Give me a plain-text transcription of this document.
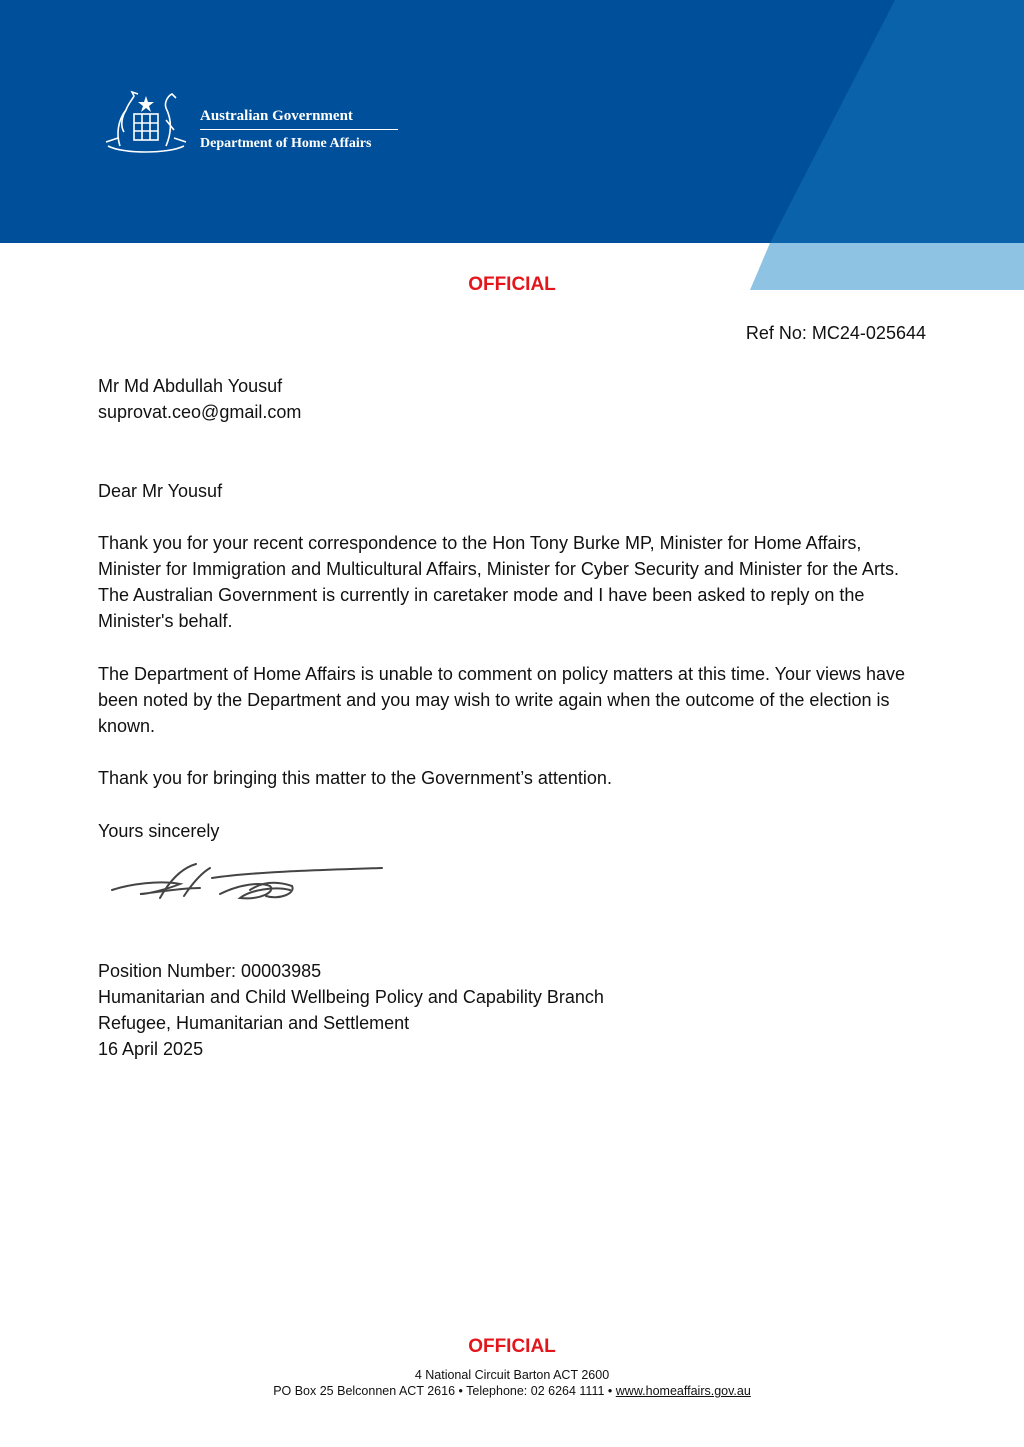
Australian Government
Department of Home Affairs
OFFICIAL
Ref No: MC24-025644

Mr Md Abdullah Yousuf

suprovat.ceo@gmail.com

Dear Mr Yousuf
Thank you for your recent correspondence to the Hon Tony Burke MP, Minister for Home Affairs, Minister for Immigration and Multicultural Affairs, Minister for Cyber Security and Minister for the Arts. The Australian Government is currently in caretaker mode and I have been asked to reply on the Minister's behalf.
The Department of Home Affairs is unable to comment on policy matters at this time. Your views have been noted by the Department and you may wish to write again when the outcome of the election is known.
Thank you for bringing this matter to the Government’s attention.
Yours sincerely

Position Number: 00003985

Humanitarian and Child Wellbeing Policy and Capability Branch

Refugee, Humanitarian and Settlement

16 April 2025

OFFICIAL
4 National Circuit Barton ACT 2600
PO Box 25 Belconnen ACT 2616 • Telephone: 02 6264 1111 • www.homeaffairs.gov.au
